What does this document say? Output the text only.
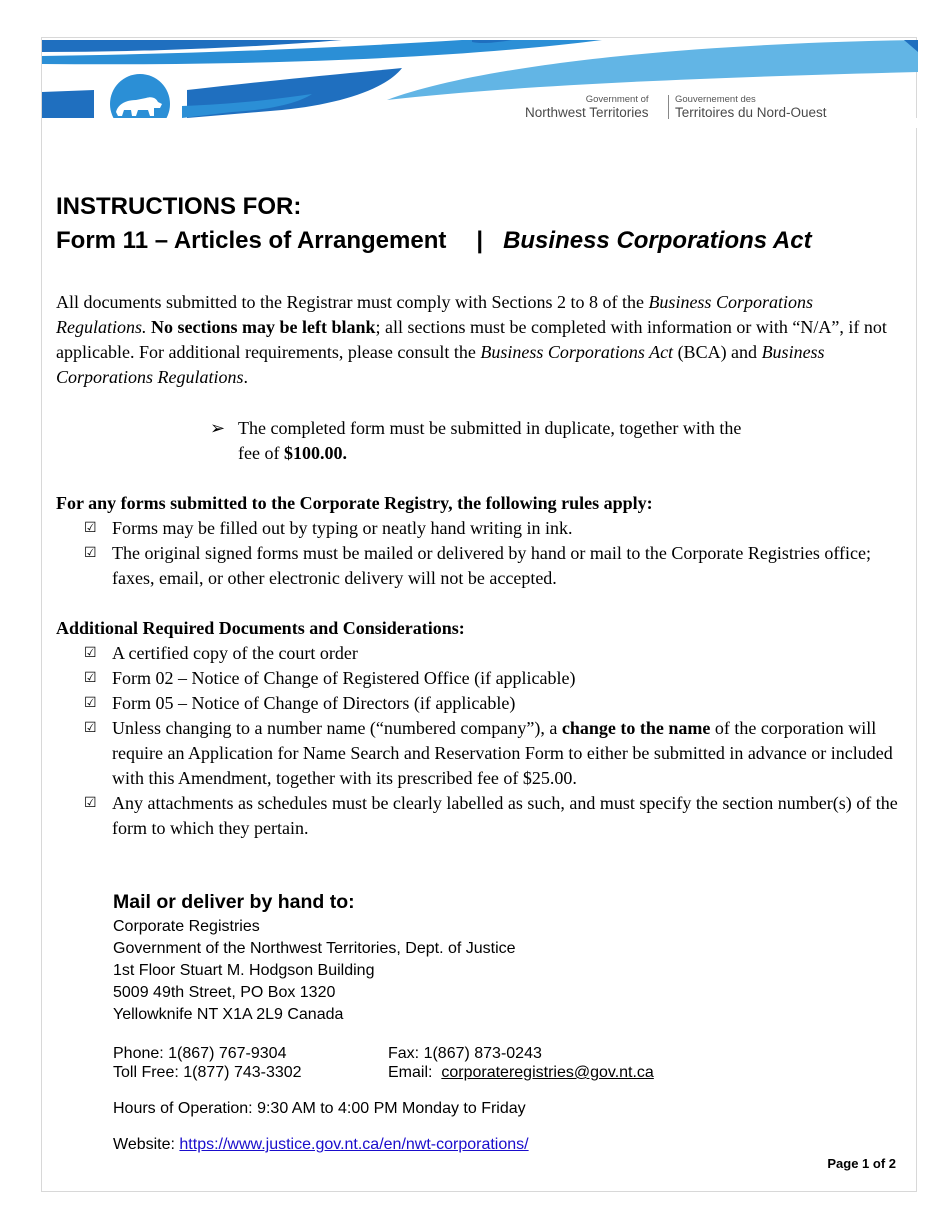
Government of
Northwest Territories
Gouvernement des
Territoires du Nord-Ouest
INSTRUCTIONS FOR:
Form 11 – Articles of Arrangement | Business Corporations Act

All documents submitted to the Registrar must comply with Sections 2 to 8 of the Business Corporations Regulations. No sections may be left blank; all sections must be completed with information or with “N/A”, if not applicable. For additional requirements, please consult the Business Corporations Act (BCA) and Business Corporations Regulations.

➢ The completed form must be submitted in duplicate, together with the fee of $100.00.

For any forms submitted to the Corporate Registry, the following rules apply:

☑ Forms may be filled out by typing or neatly hand writing in ink.
☑ The original signed forms must be mailed or delivered by hand or mail to the Corporate Registries office; faxes, email, or other electronic delivery will not be accepted.

Additional Required Documents and Considerations:

☑ A certified copy of the court order
☑ Form 02 – Notice of Change of Registered Office (if applicable)
☑ Form 05 – Notice of Change of Directors (if applicable)
☑ Unless changing to a number name (“numbered company”), a change to the name of the corporation will require an Application for Name Search and Reservation Form to either be submitted in advance or included with this Amendment, together with its prescribed fee of $25.00.
☑ Any attachments as schedules must be clearly labelled as such, and must specify the section number(s) of the form to which they pertain.
Mail or deliver by hand to:
Corporate Registries
Government of the Northwest Territories, Dept. of Justice
1st Floor Stuart M. Hodgson Building
5009 49th Street, PO Box 1320
Yellowknife NT X1A 2L9 Canada
Phone: 1(867) 767-9304
Toll Free: 1(877) 743-3302
Fax: 1(867) 873-0243
Email:  corporateregistries@gov.nt.ca
Hours of Operation: 9:30 AM to 4:00 PM Monday to Friday
Website: https://www.justice.gov.nt.ca/en/nwt-corporations/
Page 1 of 2
